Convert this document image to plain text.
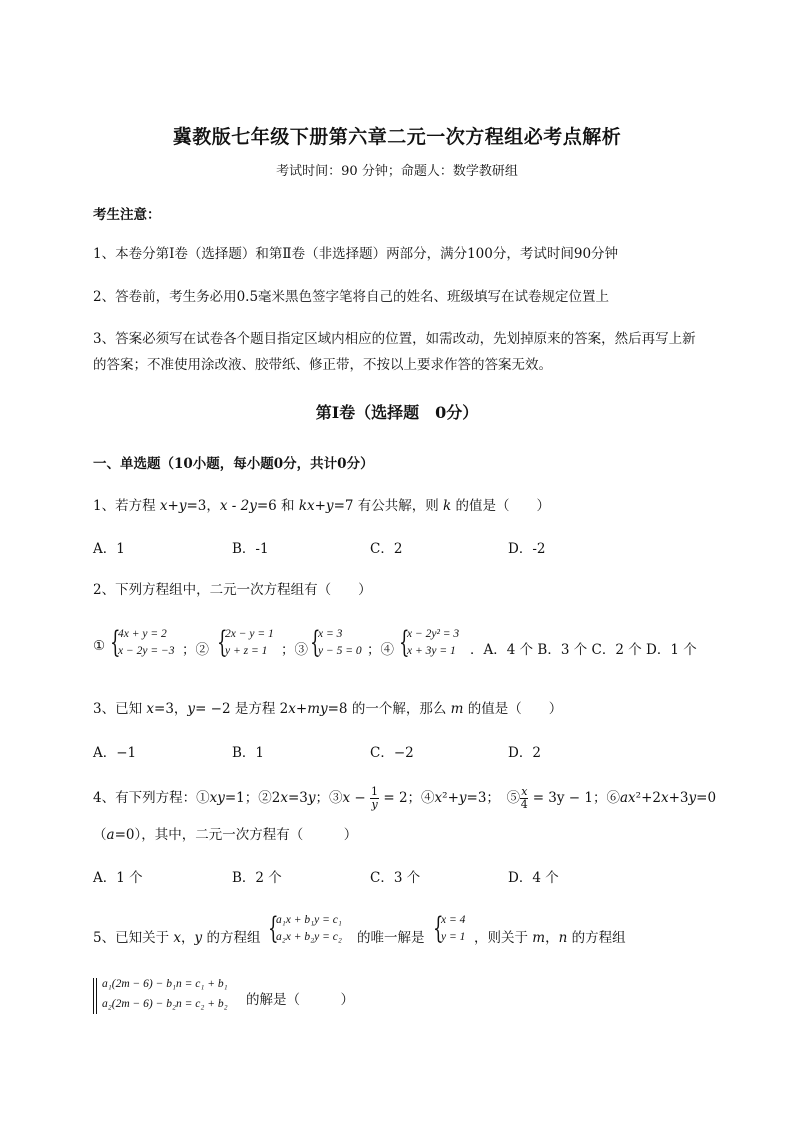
冀教版七年级下册第六章二元一次方程组必考点解析
考试时间：90 分钟；命题人：数学教研组
考生注意：
1、本卷分第Ⅰ卷（选择题）和第Ⅱ卷（非选择题）两部分，满分100分，考试时间90分钟
2、答卷前，考生务必用0.5毫米黑色签字笔将自己的姓名、班级填写在试卷规定位置上
3、答案必须写在试卷各个题目指定区域内相应的位置，如需改动，先划掉原来的答案，然后再写上新
的答案；不准使用涂改液、胶带纸、修正带，不按以上要求作答的答案无效。
第Ⅰ卷（选择题　0分）
一、单选题（10小题，每小题0分，共计0分）
1、若方程 x+y=3，x - 2y=6 和 kx+y=7 有公共解，则 k 的值是（　　）
A．1	B．-1	C．2	D．-2
2、下列方程组中，二元一次方程组有（　　）
① {
4x + y = 2
x − 2y = −3 ；② {
2x − y = 1
y + z = 1 ；③ {
x = 3
y − 5 = 0 ；④ {
x − 2y² = 3
x + 3y = 1 ．A．4 个 B．3 个 C．2 个 D．1 个
3、已知 x=3，y= −2 是方程 2x+my=8 的一个解，那么 m 的值是（　　）
A．−1	B．1	C．−2	D．2
4、有下列方程：①xy=1；②2x=3y；③x − $\frac{1}{y} = 2$；④x²+y=3；　⑤ $\frac{x}{4} = 3y - 1$；⑥ax²+2x+3y=0
（a=0），其中，二元一次方程有（　　　）
A．1 个	B．2 个	C．3 个	D．4 个
5、已知关于 x，y 的方程组 {
a₁x + b₁y = c₁
a₂x + b₂y = c₂ 的唯一解是 {
x = 4
y = 1 ，则关于 m，n 的方程组
a₁(2m − 6) − b₁n = c₁ + b₁
a₂(2m − 6) − b₂n = c₂ + b₂ 的解是（　　　）
